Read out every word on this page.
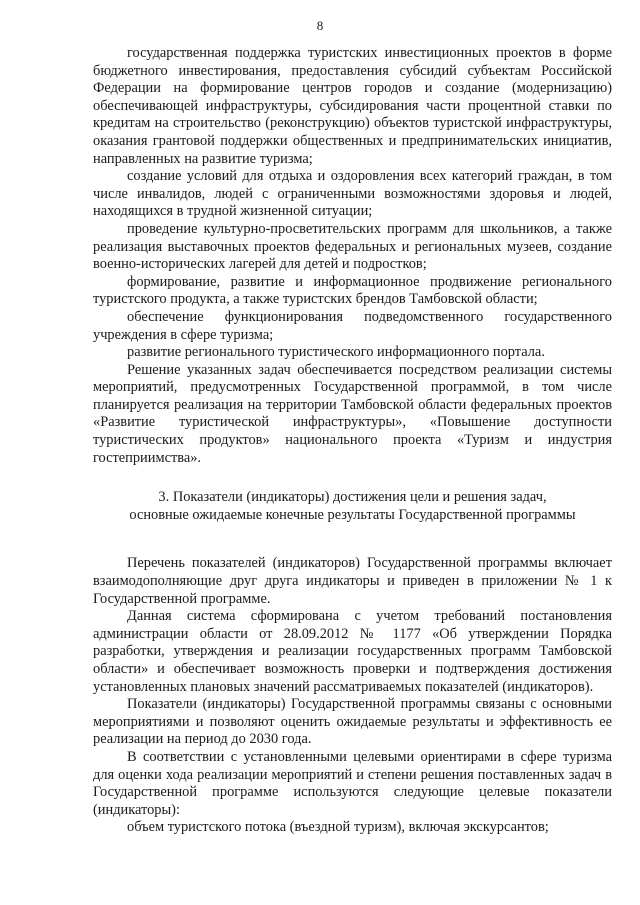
8

государственная поддержка туристских инвестиционных проектов в форме бюджетного инвестирования, предоставления субсидий субъектам Российской Федерации на формирование центров городов и создание (модернизацию) обеспечивающей инфраструктуры, субсидирования части процентной ставки по кредитам на строительство (реконструкцию) объектов туристской инфраструктуры, оказания грантовой поддержки общественных и предпринимательских инициатив, направленных на развитие туризма;

создание условий для отдыха и оздоровления всех категорий граждан, в том числе инвалидов, людей с ограниченными возможностями здоровья и людей, находящихся в трудной жизненной ситуации;

проведение культурно-просветительских программ для школьников, а также реализация выставочных проектов федеральных и региональных музеев, создание военно-исторических лагерей для детей и подростков;

формирование, развитие и информационное продвижение регионального туристского продукта, а также туристских брендов Тамбовской области;

обеспечение функционирования подведомственного государственного учреждения в сфере туризма;

развитие регионального туристического информационного портала.

Решение указанных задач обеспечивается посредством реализации системы мероприятий, предусмотренных Государственной программой, в том числе планируется реализация на территории Тамбовской области федеральных проектов «Развитие туристической инфраструктуры», «Повышение доступности туристических продуктов» национального проекта «Туризм и индустрия гостеприимства».

3. Показатели (индикаторы) достижения цели и решения задач,
основные ожидаемые конечные результаты Государственной программы

Перечень показателей (индикаторов) Государственной программы включает взаимодополняющие друг друга индикаторы и приведен в приложении № 1 к Государственной программе.

Данная система сформирована с учетом требований постановления администрации области от 28.09.2012 № 1177 «Об утверждении Порядка разработки, утверждения и реализации государственных программ Тамбовской области» и обеспечивает возможность проверки и подтверждения достижения установленных плановых значений рассматриваемых показателей (индикаторов).

Показатели (индикаторы) Государственной программы связаны с основными мероприятиями и позволяют оценить ожидаемые результаты и эффективность ее реализации на период до 2030 года.

В соответствии с установленными целевыми ориентирами в сфере туризма для оценки хода реализации мероприятий и степени решения поставленных задач в Государственной программе используются следующие целевые показатели (индикаторы):

объем туристского потока (въездной туризм), включая экскурсантов;
